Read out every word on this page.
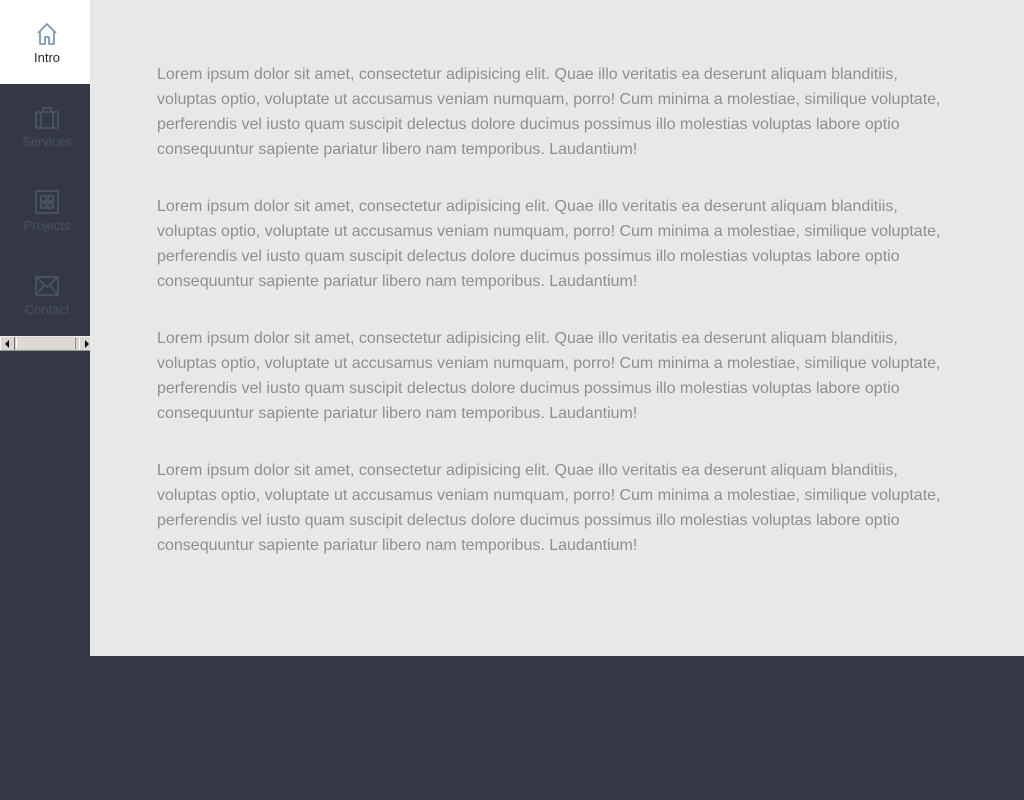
Intro
Services
Projects
Contact

Lorem ipsum dolor sit amet, consectetur adipisicing elit. Quae illo veritatis ea deserunt aliquam blanditiis, voluptas optio, voluptate ut accusamus veniam numquam, porro! Cum minima a molestiae, similique voluptate, perferendis vel iusto quam suscipit delectus dolore ducimus possimus illo molestias voluptas labore optio consequuntur sapiente pariatur libero nam temporibus. Laudantium!

Lorem ipsum dolor sit amet, consectetur adipisicing elit. Quae illo veritatis ea deserunt aliquam blanditiis, voluptas optio, voluptate ut accusamus veniam numquam, porro! Cum minima a molestiae, similique voluptate, perferendis vel iusto quam suscipit delectus dolore ducimus possimus illo molestias voluptas labore optio consequuntur sapiente pariatur libero nam temporibus. Laudantium!

Lorem ipsum dolor sit amet, consectetur adipisicing elit. Quae illo veritatis ea deserunt aliquam blanditiis, voluptas optio, voluptate ut accusamus veniam numquam, porro! Cum minima a molestiae, similique voluptate, perferendis vel iusto quam suscipit delectus dolore ducimus possimus illo molestias voluptas labore optio consequuntur sapiente pariatur libero nam temporibus. Laudantium!

Lorem ipsum dolor sit amet, consectetur adipisicing elit. Quae illo veritatis ea deserunt aliquam blanditiis, voluptas optio, voluptate ut accusamus veniam numquam, porro! Cum minima a molestiae, similique voluptate, perferendis vel iusto quam suscipit delectus dolore ducimus possimus illo molestias voluptas labore optio consequuntur sapiente pariatur libero nam temporibus. Laudantium!
